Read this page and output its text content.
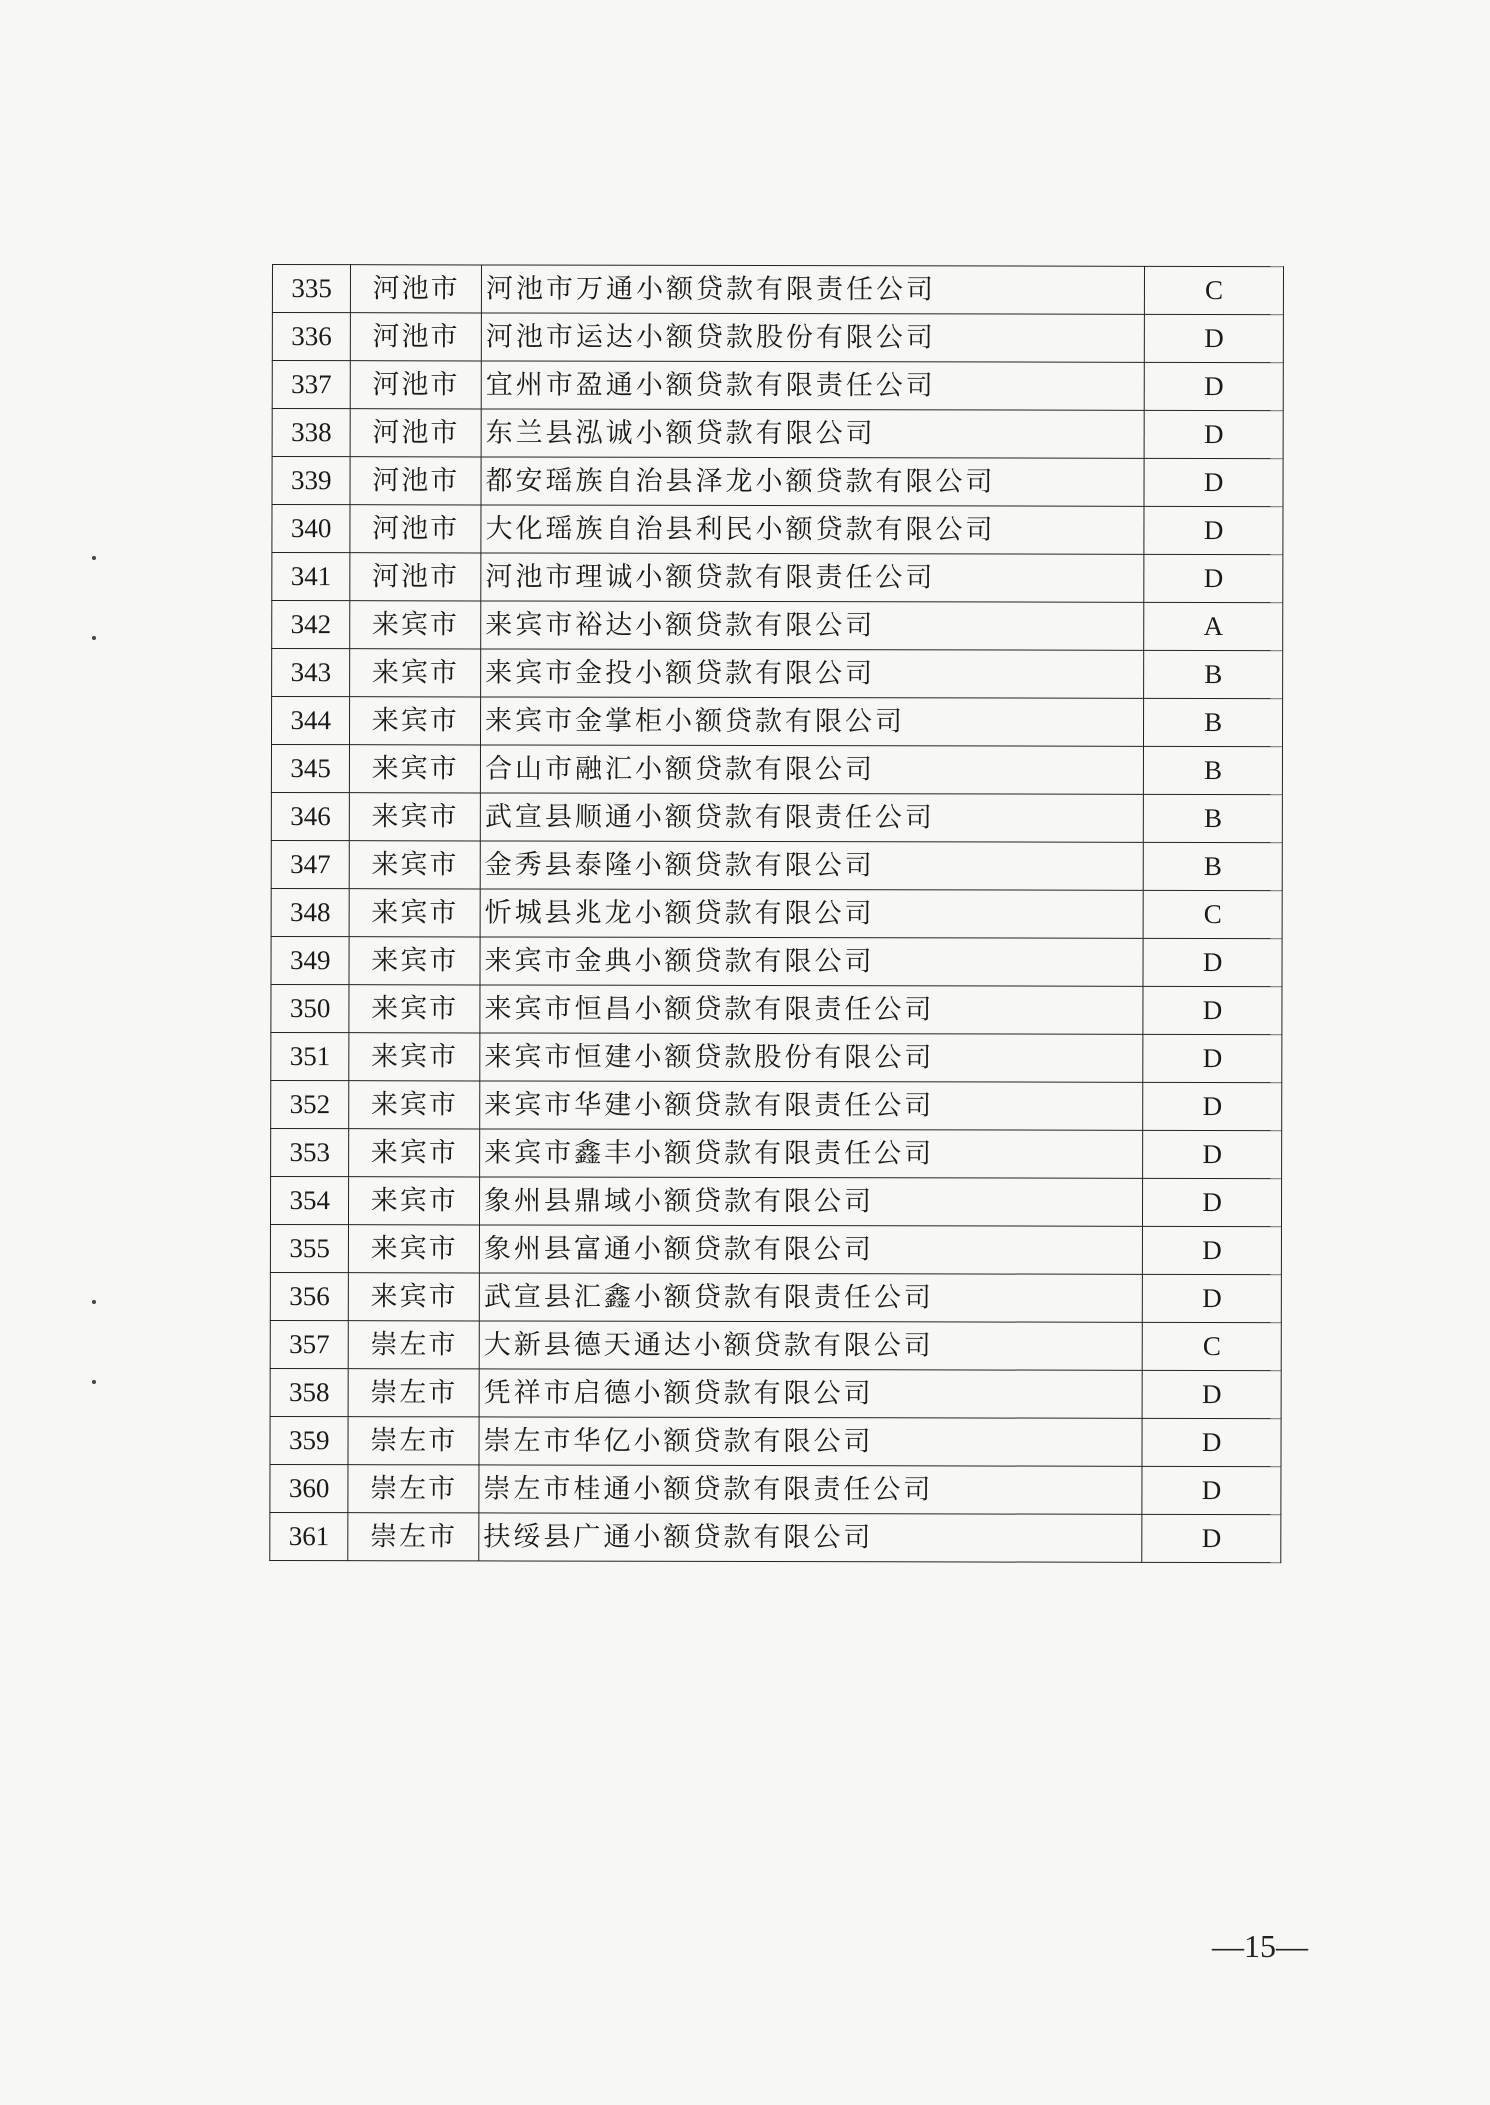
335	河池市	河池市万通小额贷款有限责任公司	C
336	河池市	河池市运达小额贷款股份有限公司	D
337	河池市	宜州市盈通小额贷款有限责任公司	D
338	河池市	东兰县泓诚小额贷款有限公司	D
339	河池市	都安瑶族自治县泽龙小额贷款有限公司	D
340	河池市	大化瑶族自治县利民小额贷款有限公司	D
341	河池市	河池市理诚小额贷款有限责任公司	D
342	来宾市	来宾市裕达小额贷款有限公司	A
343	来宾市	来宾市金投小额贷款有限公司	B
344	来宾市	来宾市金掌柜小额贷款有限公司	B
345	来宾市	合山市融汇小额贷款有限公司	B
346	来宾市	武宣县顺通小额贷款有限责任公司	B
347	来宾市	金秀县泰隆小额贷款有限公司	B
348	来宾市	忻城县兆龙小额贷款有限公司	C
349	来宾市	来宾市金典小额贷款有限公司	D
350	来宾市	来宾市恒昌小额贷款有限责任公司	D
351	来宾市	来宾市恒建小额贷款股份有限公司	D
352	来宾市	来宾市华建小额贷款有限责任公司	D
353	来宾市	来宾市鑫丰小额贷款有限责任公司	D
354	来宾市	象州县鼎域小额贷款有限公司	D
355	来宾市	象州县富通小额贷款有限公司	D
356	来宾市	武宣县汇鑫小额贷款有限责任公司	D
357	崇左市	大新县德天通达小额贷款有限公司	C
358	崇左市	凭祥市启德小额贷款有限公司	D
359	崇左市	崇左市华亿小额贷款有限公司	D
360	崇左市	崇左市桂通小额贷款有限责任公司	D
361	崇左市	扶绥县广通小额贷款有限公司	D
—15—
